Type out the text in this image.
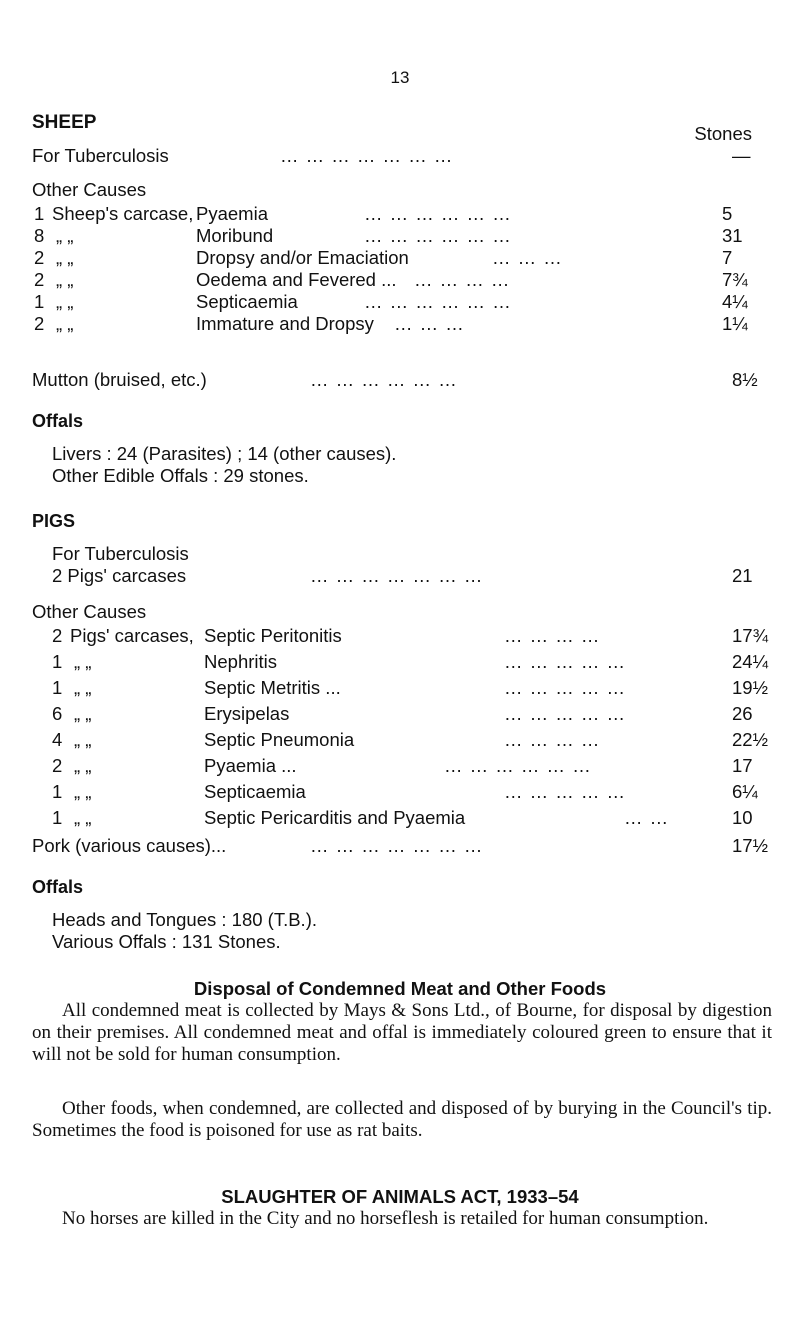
13
SHEEP
Stones
For Tuberculosis	… … … … … … …	—
Other Causes
1 Sheep's carcase, Pyaemia	… … … … … …	5
8 „ „	Moribund	… … … … … …	31
2 „ „	Dropsy and/or Emaciation	… … …	7
2 „ „	Oedema and Fevered ... … … … …	7¾
1 „ „	Septicaemia	… … … … … …	4¼
2 „ „	Immature and Dropsy … … …	1¼
Mutton (bruised, etc.)	… … … … … …	8½
Offals
Livers : 24 (Parasites) ; 14 (other causes).
Other Edible Offals : 29 stones.
PIGS
For Tuberculosis
2 Pigs' carcases	… … … … … … …	21
Other Causes
2 Pigs' carcases, Septic Peritonitis	… … … …	17¾
1 „ „	Nephritis	… … … … …	24¼
1 „ „	Septic Metritis ...	… … … … …	19½
6 „ „	Erysipelas	… … … … …	26
4 „ „	Septic Pneumonia	… … … …	22½
2 „ „	Pyaemia ...	… … … … … …	17
1 „ „	Septicaemia	… … … … …	6¼
1 „ „	Septic Pericarditis and Pyaemia	… …	10
Pork (various causes)...	… … … … … … …	17½
Offals
Heads and Tongues : 180 (T.B.).
Various Offals : 131 Stones.
Disposal of Condemned Meat and Other Foods

All condemned meat is collected by Mays & Sons Ltd., of Bourne, for disposal by digestion on their premises. All condemned meat and offal is immediately coloured green to ensure that it will not be sold for human consumption.

Other foods, when condemned, are collected and disposed of by burying in the Council's tip. Sometimes the food is poisoned for use as rat baits.

SLAUGHTER OF ANIMALS ACT, 1933–54

No horses are killed in the City and no horseflesh is retailed for human consumption.
